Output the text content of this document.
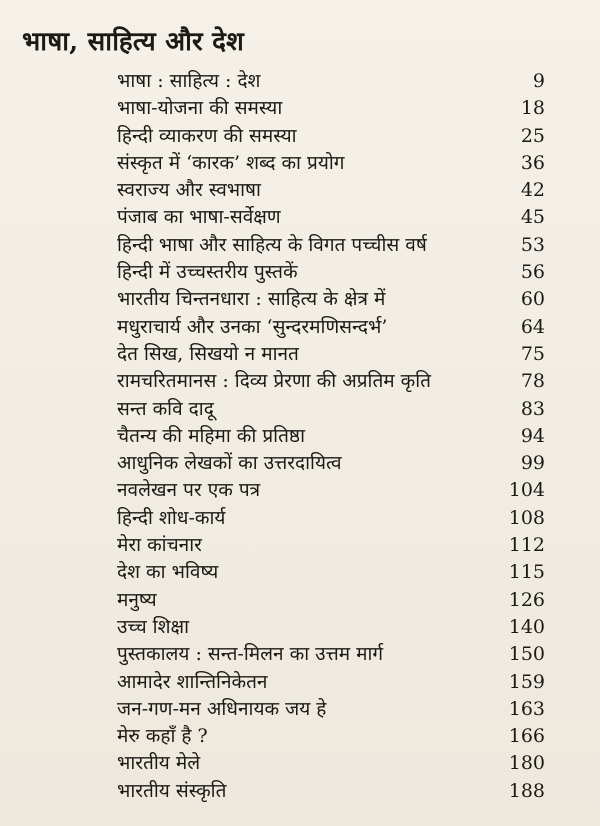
भाषा, साहित्य और देश
भाषा : साहित्य : देश	9
भाषा-योजना की समस्या	18
हिन्दी व्याकरण की समस्या	25
संस्कृत में ‘कारक’ शब्द का प्रयोग	36
स्वराज्य और स्वभाषा	42
पंजाब का भाषा-सर्वेक्षण	45
हिन्दी भाषा और साहित्य के विगत पच्चीस वर्ष	53
हिन्दी में उच्चस्तरीय पुस्तकें	56
भारतीय चिन्तनधारा : साहित्य के क्षेत्र में	60
मधुराचार्य और उनका ‘सुन्दरमणिसन्दर्भ’	64
देत सिख, सिखयो न मानत	75
रामचरितमानस : दिव्य प्रेरणा की अप्रतिम कृति	78
सन्त कवि दादू	83
चैतन्य की महिमा की प्रतिष्ठा	94
आधुनिक लेखकों का उत्तरदायित्व	99
नवलेखन पर एक पत्र	104
हिन्दी शोध-कार्य	108
मेरा कांचनार	112
देश का भविष्य	115
मनुष्य	126
उच्च शिक्षा	140
पुस्तकालय : सन्त-मिलन का उत्तम मार्ग	150
आमादेर शान्तिनिकेतन	159
जन-गण-मन अधिनायक जय हे	163
मेरु कहाँ है ?	166
भारतीय मेले	180
भारतीय संस्कृति	188
